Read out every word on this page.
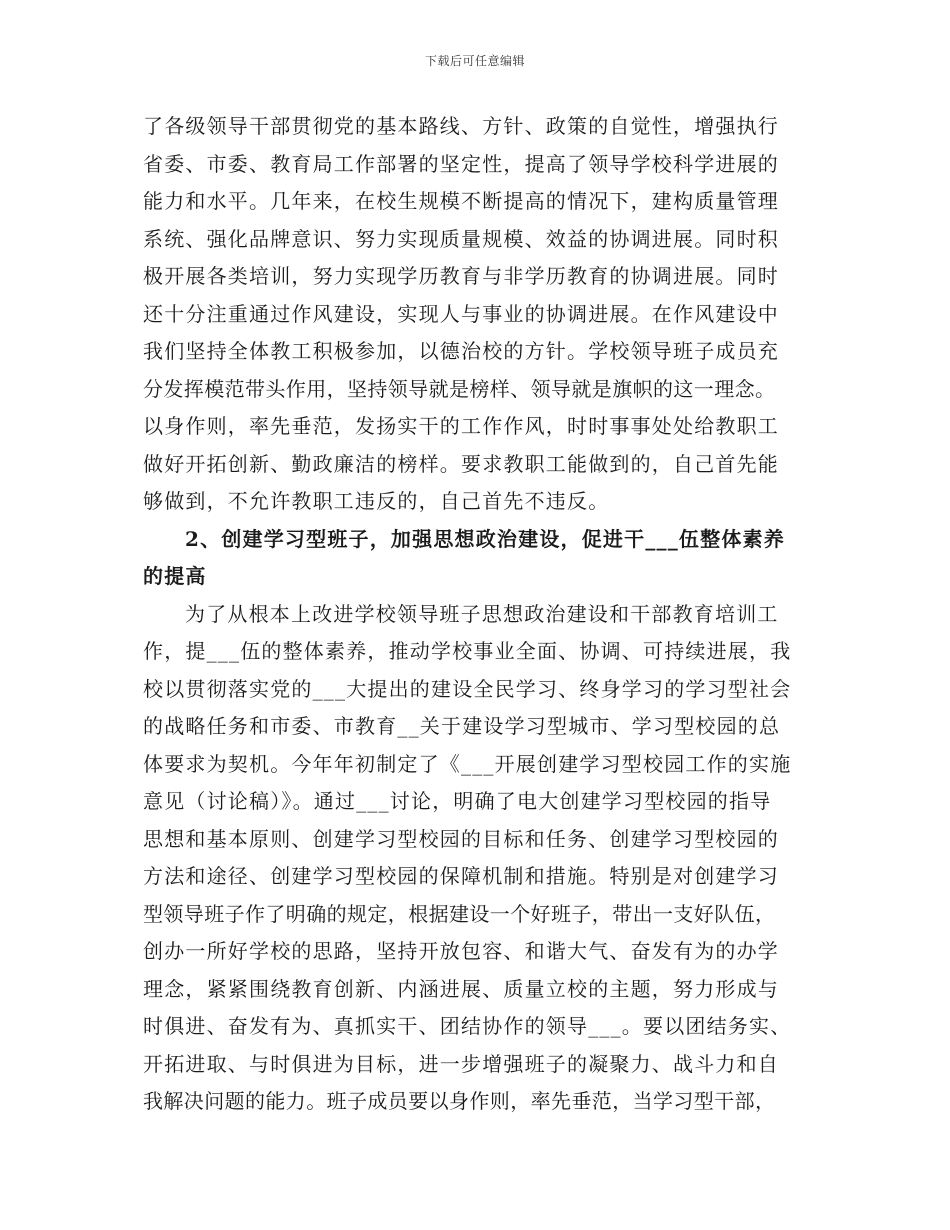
下载后可任意编辑
了各级领导干部贯彻党的基本路线、方针、政策的自觉性，增强执行
省委、市委、教育局工作部署的坚定性，提高了领导学校科学进展的
能力和水平。几年来，在校生规模不断提高的情况下，建构质量管理
系统、强化品牌意识、努力实现质量规模、效益的协调进展。同时积
极开展各类培训，努力实现学历教育与非学历教育的协调进展。同时
还十分注重通过作风建设，实现人与事业的协调进展。在作风建设中
我们坚持全体教工积极参加，以德治校的方针。学校领导班子成员充
分发挥模范带头作用，坚持领导就是榜样、领导就是旗帜的这一理念。
以身作则，率先垂范，发扬实干的工作作风，时时事事处处给教职工
做好开拓创新、勤政廉洁的榜样。要求教职工能做到的，自己首先能
够做到，不允许教职工违反的，自己首先不违反。
2、创建学习型班子，加强思想政治建设，促进干___伍整体素养
的提高
为了从根本上改进学校领导班子思想政治建设和干部教育培训工
作，提___伍的整体素养，推动学校事业全面、协调、可持续进展，我
校以贯彻落实党的___大提出的建设全民学习、终身学习的学习型社会
的战略任务和市委、市教育__关于建设学习型城市、学习型校园的总
体要求为契机。今年年初制定了《___开展创建学习型校园工作的实施
意见（讨论稿）》。通过___讨论，明确了电大创建学习型校园的指导
思想和基本原则、创建学习型校园的目标和任务、创建学习型校园的
方法和途径、创建学习型校园的保障机制和措施。特别是对创建学习
型领导班子作了明确的规定，根据建设一个好班子，带出一支好队伍，
创办一所好学校的思路，坚持开放包容、和谐大气、奋发有为的办学
理念，紧紧围绕教育创新、内涵进展、质量立校的主题，努力形成与
时俱进、奋发有为、真抓实干、团结协作的领导___。要以团结务实、
开拓进取、与时俱进为目标，进一步增强班子的凝聚力、战斗力和自
我解决问题的能力。班子成员要以身作则，率先垂范，当学习型干部，
